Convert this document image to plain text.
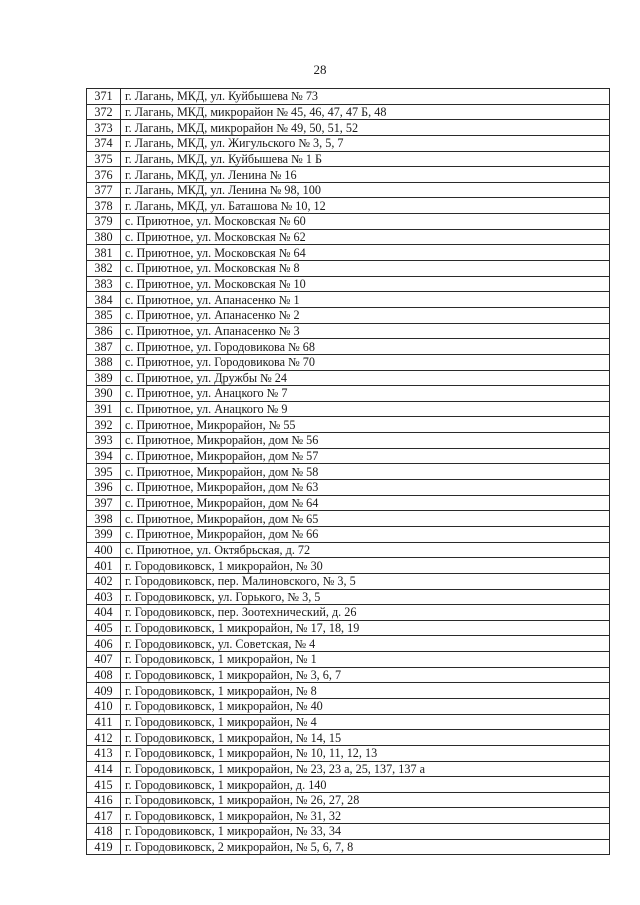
28
371	г. Лагань, МКД, ул. Куйбышева № 73
372	г. Лагань, МКД, микрорайон № 45, 46, 47, 47 Б, 48
373	г. Лагань, МКД, микрорайон № 49, 50, 51, 52
374	г. Лагань, МКД, ул. Жигульского № 3, 5, 7
375	г. Лагань, МКД, ул. Куйбышева № 1 Б
376	г. Лагань, МКД, ул. Ленина № 16
377	г. Лагань, МКД, ул. Ленина № 98, 100
378	г. Лагань, МКД, ул. Баташова № 10, 12
379	с. Приютное, ул. Московская № 60
380	с. Приютное, ул. Московская № 62
381	с. Приютное, ул. Московская № 64
382	с. Приютное, ул. Московская № 8
383	с. Приютное, ул. Московская № 10
384	с. Приютное, ул. Апанасенко № 1
385	с. Приютное, ул. Апанасенко № 2
386	с. Приютное, ул. Апанасенко № 3
387	с. Приютное, ул. Городовикова № 68
388	с. Приютное, ул. Городовикова № 70
389	с. Приютное, ул. Дружбы № 24
390	с. Приютное, ул. Анацкого № 7
391	с. Приютное, ул. Анацкого № 9
392	с. Приютное, Микрорайон, № 55
393	с. Приютное, Микрорайон, дом № 56
394	с. Приютное, Микрорайон, дом № 57
395	с. Приютное, Микрорайон, дом № 58
396	с. Приютное, Микрорайон, дом № 63
397	с. Приютное, Микрорайон, дом № 64
398	с. Приютное, Микрорайон, дом № 65
399	с. Приютное, Микрорайон, дом № 66
400	с. Приютное, ул. Октябрьская, д. 72
401	г. Городовиковск, 1 микрорайон, № 30
402	г. Городовиковск, пер. Малиновского, № 3, 5
403	г. Городовиковск, ул. Горького, № 3, 5
404	г. Городовиковск, пер. Зоотехнический, д. 26
405	г. Городовиковск, 1 микрорайон, № 17, 18, 19
406	г. Городовиковск, ул. Советская, № 4
407	г. Городовиковск, 1 микрорайон, № 1
408	г. Городовиковск, 1 микрорайон, № 3, 6, 7
409	г. Городовиковск, 1 микрорайон, № 8
410	г. Городовиковск, 1 микрорайон, № 40
411	г. Городовиковск, 1 микрорайон, № 4
412	г. Городовиковск, 1 микрорайон, № 14, 15
413	г. Городовиковск, 1 микрорайон, № 10, 11, 12, 13
414	г. Городовиковск, 1 микрорайон, № 23, 23 а, 25, 137, 137 а
415	г. Городовиковск, 1 микрорайон, д. 140
416	г. Городовиковск, 1 микрорайон, № 26, 27, 28
417	г. Городовиковск, 1 микрорайон, № 31, 32
418	г. Городовиковск, 1 микрорайон, № 33, 34
419	г. Городовиковск, 2 микрорайон, № 5, 6, 7, 8
